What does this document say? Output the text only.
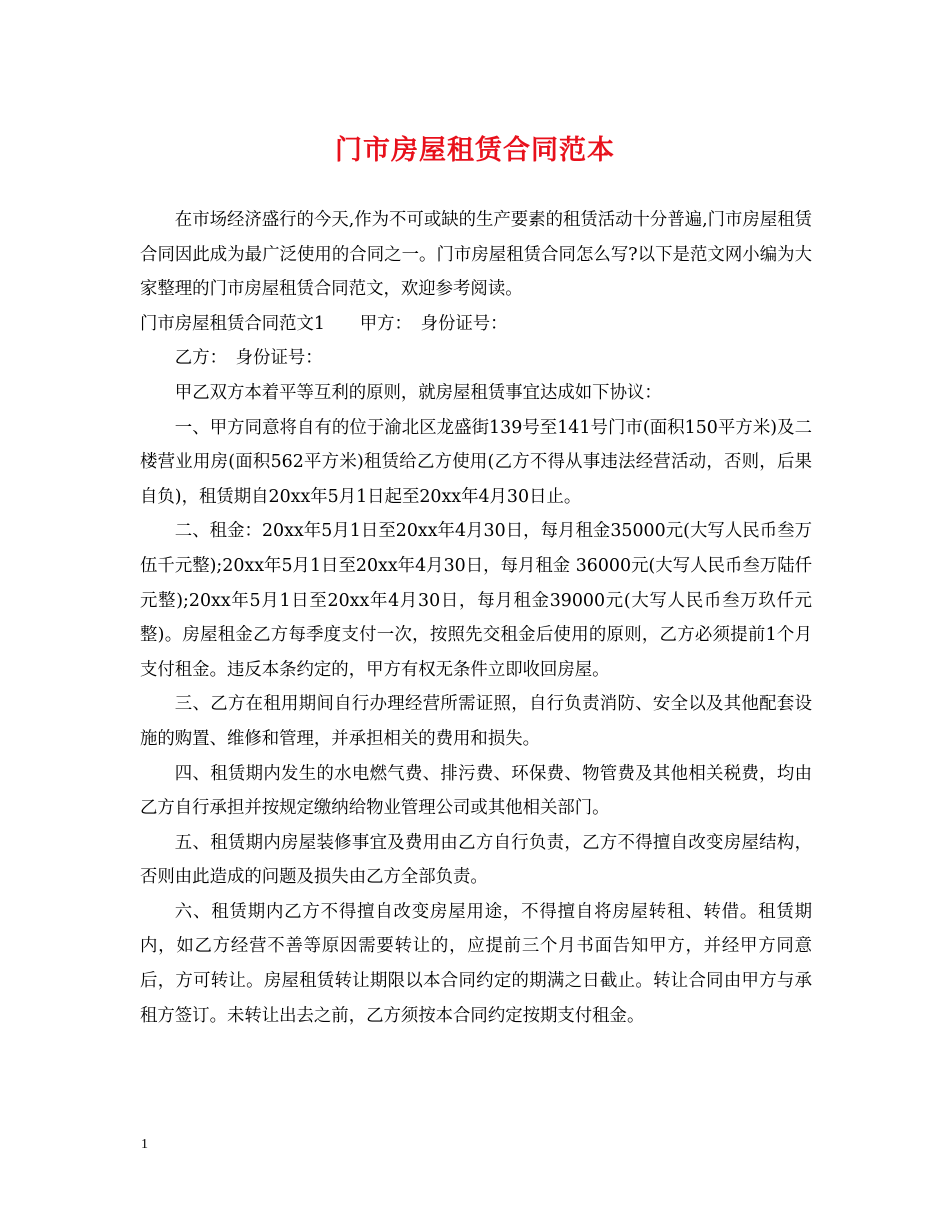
门市房屋租赁合同范本

在市场经济盛行的今天,作为不可或缺的生产要素的租赁活动十分普遍,门市房屋租赁合同因此成为最广泛使用的合同之一。门市房屋租赁合同怎么写?以下是范文网小编为大家整理的门市房屋租赁合同范文，欢迎参考阅读。

门市房屋租赁合同范文1　　甲方：　身份证号：

乙方：　身份证号：

甲乙双方本着平等互利的原则，就房屋租赁事宜达成如下协议：

一、甲方同意将自有的位于渝北区龙盛街139号至141号门市(面积150平方米)及二楼营业用房(面积562平方米)租赁给乙方使用(乙方不得从事违法经营活动，否则，后果自负)，租赁期自20xx年5月1日起至20xx年4月30日止。

二、租金：20xx年5月1日至20xx年4月30日，每月租金35000元(大写人民币叁万伍千元整);20xx年5月1日至20xx年4月30日，每月租金 36000元(大写人民币叁万陆仟元整);20xx年5月1日至20xx年4月30日，每月租金39000元(大写人民币叁万玖仟元整)。房屋租金乙方每季度支付一次，按照先交租金后使用的原则，乙方必须提前1个月支付租金。违反本条约定的，甲方有权无条件立即收回房屋。

三、乙方在租用期间自行办理经营所需证照，自行负责消防、安全以及其他配套设施的购置、维修和管理，并承担相关的费用和损失。

四、租赁期内发生的水电燃气费、排污费、环保费、物管费及其他相关税费，均由乙方自行承担并按规定缴纳给物业管理公司或其他相关部门。

五、租赁期内房屋装修事宜及费用由乙方自行负责，乙方不得擅自改变房屋结构，否则由此造成的问题及损失由乙方全部负责。

六、租赁期内乙方不得擅自改变房屋用途，不得擅自将房屋转租、转借。租赁期内，如乙方经营不善等原因需要转让的，应提前三个月书面告知甲方，并经甲方同意后，方可转让。房屋租赁转让期限以本合同约定的期满之日截止。转让合同由甲方与承租方签订。未转让出去之前，乙方须按本合同约定按期支付租金。

1
